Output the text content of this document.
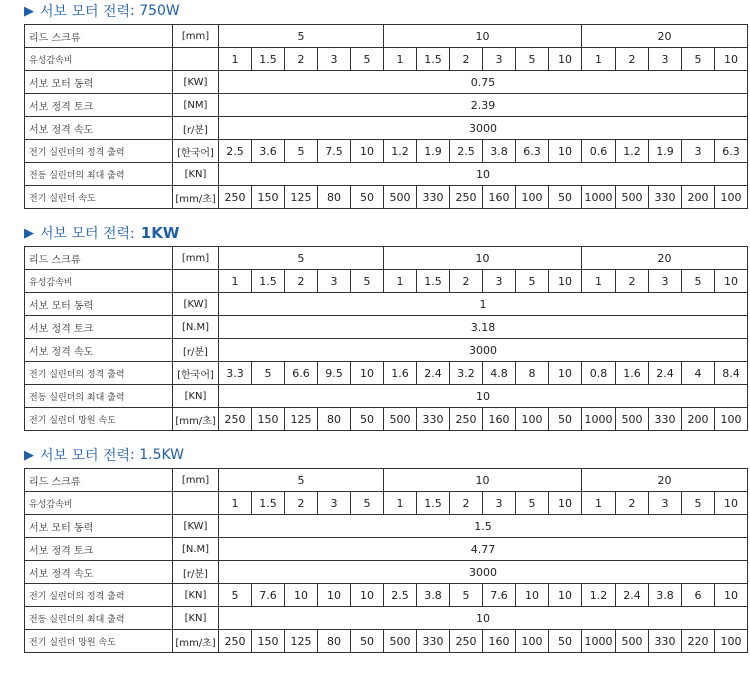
▶ 서보 모터 전력 : 750W
리드 스크류	[mm]	5					10						20				
유성감속비		1	1.5	2	3	5	1	1.5	2	3	5	10	1	2	3	5	10
서보 모터 동력	[KW]	0.75															
서보 정격 토크	[NM]	2.39															
서보 정격 속도	[r/분]	3000															
전기 실린더의 정격 출력	[한국어]	2.5	3.6	5	7.5	10	1.2	1.9	2.5	3.8	6.3	10	0.6	1.2	1.9	3	6.3
전동 실린더의 최대 출력	[KN]	10															
전기 실린더 속도	[mm/초]	250	150	125	80	50	500	330	250	160	100	50	1000	500	330	200	100
▶ 서보 모터 전력: 1KW
리드 스크류	[mm]	5					10						20				
유성감속비		1	1.5	2	3	5	1	1.5	2	3	5	10	1	2	3	5	10
서보 모터 동력	[KW]	1															
서보 정격 토크	[N.M]	3.18															
서보 정격 속도	[r/분]	3000															
전기 실린더의 정격 출력	[한국어]	3.3	5	6.6	9.5	10	1.6	2.4	3.2	4.8	8	10	0.8	1.6	2.4	4	8.4
전동 실린더의 최대 출력	[KN]	10															
전기 실린더 망원 속도	[mm/초]	250	150	125	80	50	500	330	250	160	100	50	1000	500	330	200	100
▶ 서보 모터 전력 : 1.5KW
리드 스크류	[mm]	5					10						20				
유성감속비		1	1.5	2	3	5	1	1.5	2	3	5	10	1	2	3	5	10
서보 모터 동력	[KW]	1.5															
서보 정격 토크	[N.M]	4.77															
서보 정격 속도	[r/분]	3000															
전기 실린더의 정격 출력	[KN]	5	7.6	10	10	10	2.5	3.8	5	7.6	10	10	1.2	2.4	3.8	6	10
전동 실린더의 최대 출력	[KN]	10															
전기 실린더 망원 속도	[mm/초]	250	150	125	80	50	500	330	250	160	100	50	1000	500	330	220	100
